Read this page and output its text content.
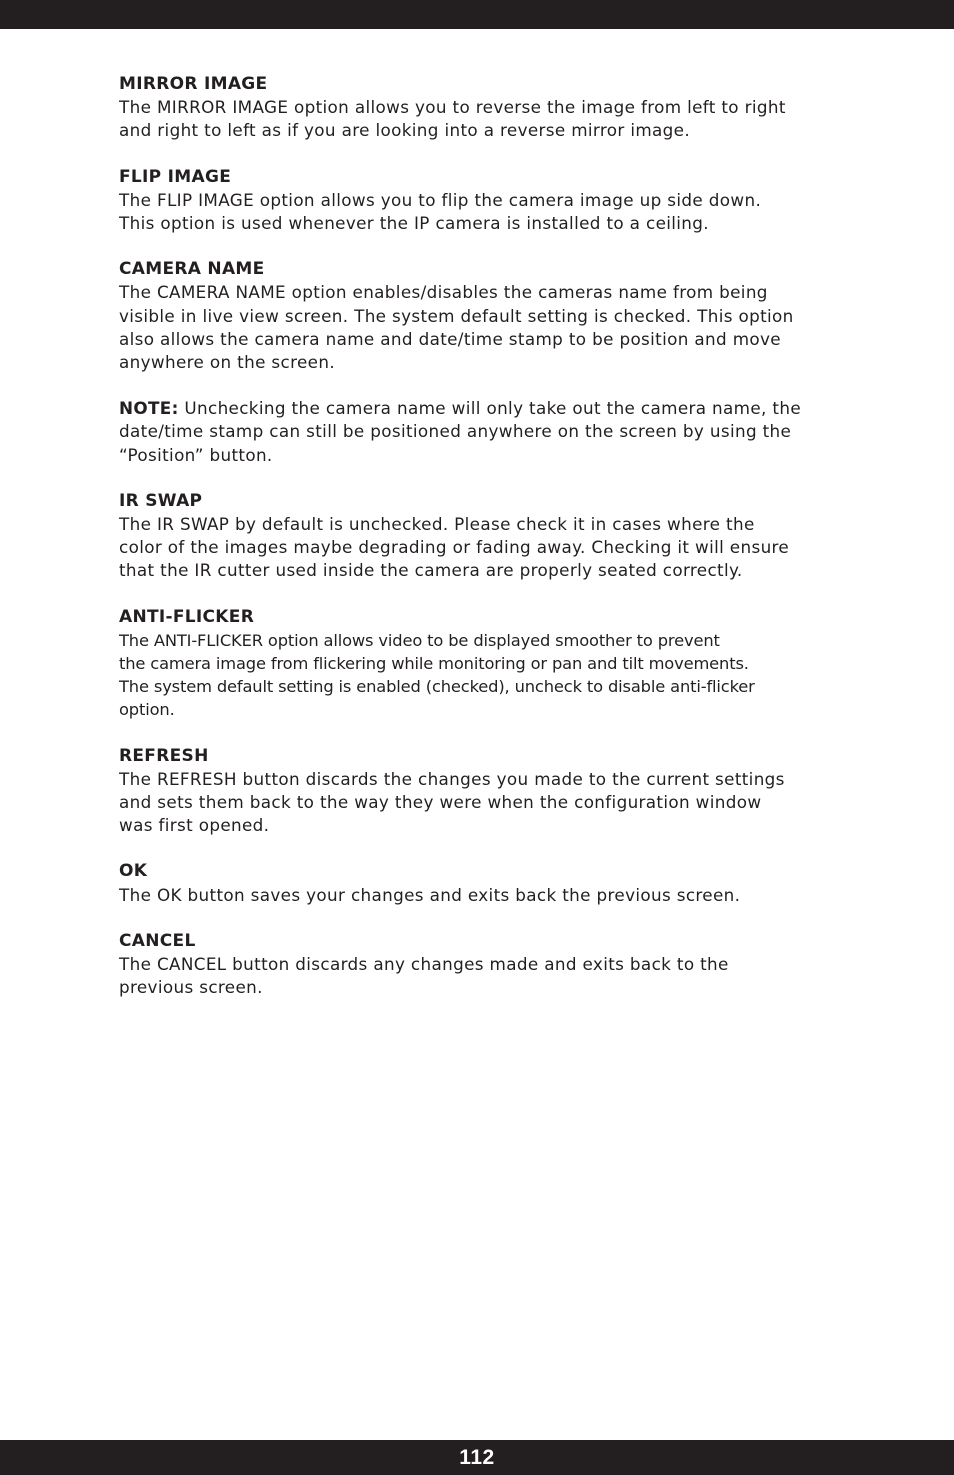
MIRROR IMAGE

The MIRROR IMAGE option allows you to reverse the image from left to right
and right to left as if you are looking into a reverse mirror image.

FLIP IMAGE

The FLIP IMAGE option allows you to flip the camera image up side down.
This option is used whenever the IP camera is installed to a ceiling.

CAMERA NAME

The CAMERA NAME option enables/disables the cameras name from being
visible in live view screen. The system default setting is checked. This option
also allows the camera name and date/time stamp to be position and move
anywhere on the screen.

NOTE: Unchecking the camera name will only take out the camera name, the
date/time stamp can still be positioned anywhere on the screen by using the
“Position” button.

IR SWAP

The IR SWAP by default is unchecked. Please check it in cases where the
color of the images maybe degrading or fading away. Checking it will ensure
that the IR cutter used inside the camera are properly seated correctly.

ANTI-FLICKER

The ANTI-FLICKER option allows video to be displayed smoother to prevent
the camera image from flickering while monitoring or pan and tilt movements.
The system default setting is enabled (checked), uncheck to disable anti-flicker
option.

REFRESH

The REFRESH button discards the changes you made to the current settings
and sets them back to the way they were when the configuration window
was first opened.

OK

The OK button saves your changes and exits back the previous screen.

CANCEL

The CANCEL button discards any changes made and exits back to the
previous screen.

112
